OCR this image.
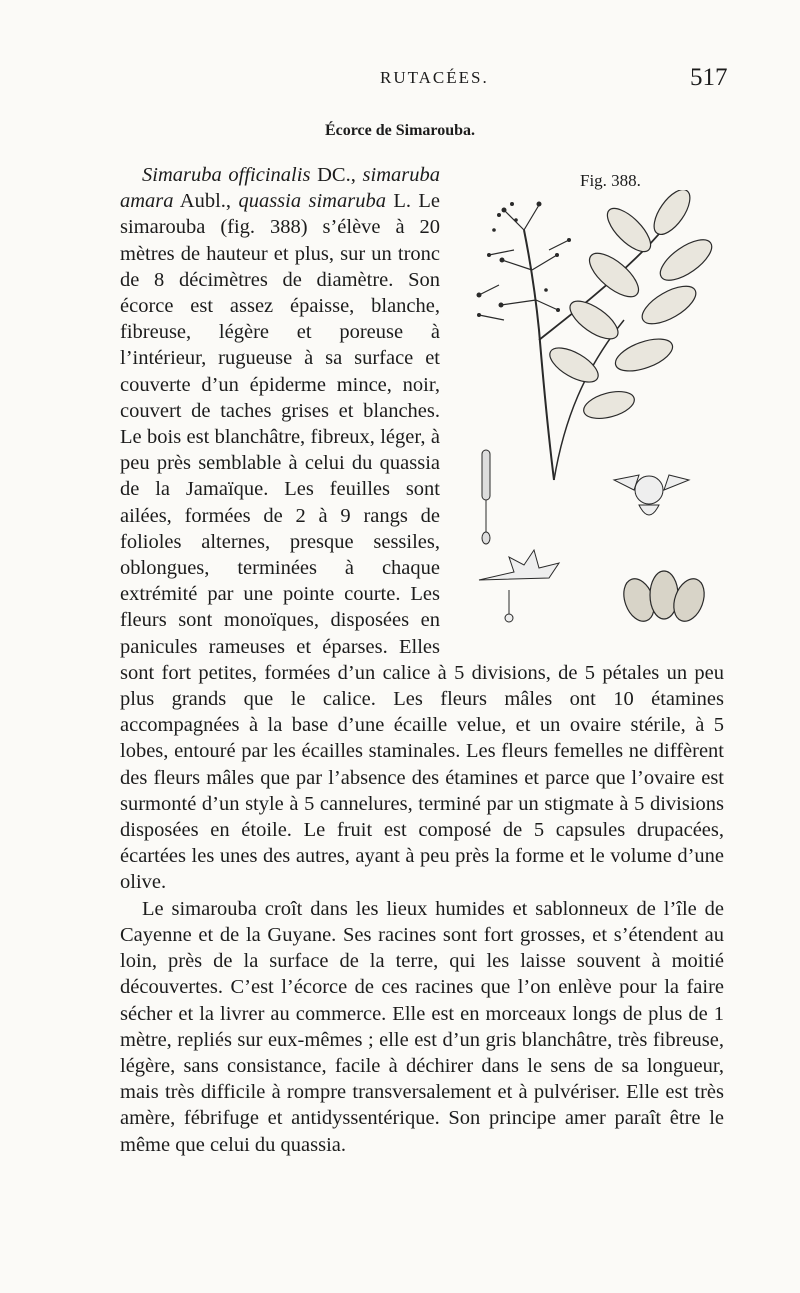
RUTACÉES.	517
Écorce de Simarouba.

Fig. 388.
Simaruba officinalis DC., simaruba amara Aubl., quassia simaruba L. Le simarouba (fig. 388) s’élève à 20 mètres de hauteur et plus, sur un tronc de 8 décimètres de diamètre. Son écorce est assez épaisse, blanche, fibreuse, légère et poreuse à l’intérieur, rugueuse à sa surface et couverte d’un épiderme mince, noir, couvert de taches grises et blanches. Le bois est blanchâtre, fibreux, léger, à peu près semblable à celui du quassia de la Jamaïque. Les feuilles sont ailées, formées de 2 à 9 rangs de folioles alternes, presque sessiles, oblongues, terminées à chaque extrémité par une pointe courte. Les fleurs sont monoïques, disposées en panicules rameuses et éparses. Elles sont fort petites, formées d’un calice à 5 divisions, de 5 pétales un peu plus grands que le calice. Les fleurs mâles ont 10 étamines accompagnées à la base d’une écaille velue, et un ovaire stérile, à 5 lobes, entouré par les écailles staminales. Les fleurs femelles ne diffèrent des fleurs mâles que par l’absence des étamines et parce que l’ovaire est surmonté d’un style à 5 cannelures, terminé par un stigmate à 5 divisions disposées en étoile. Le fruit est composé de 5 capsules drupacées, écartées les unes des autres, ayant à peu près la forme et le volume d’une olive.

Le simarouba croît dans les lieux humides et sablonneux de l’île de Cayenne et de la Guyane. Ses racines sont fort grosses, et s’étendent au loin, près de la surface de la terre, qui les laisse souvent à moitié découvertes. C’est l’écorce de ces racines que l’on enlève pour la faire sécher et la livrer au commerce. Elle est en morceaux longs de plus de 1 mètre, repliés sur eux-mêmes ; elle est d’un gris blanchâtre, très fibreuse, légère, sans consistance, facile à déchirer dans le sens de sa longueur, mais très difficile à rompre transversalement et à pulvériser. Elle est très amère, fébrifuge et antidyssentérique. Son principe amer paraît être le même que celui du quassia.
